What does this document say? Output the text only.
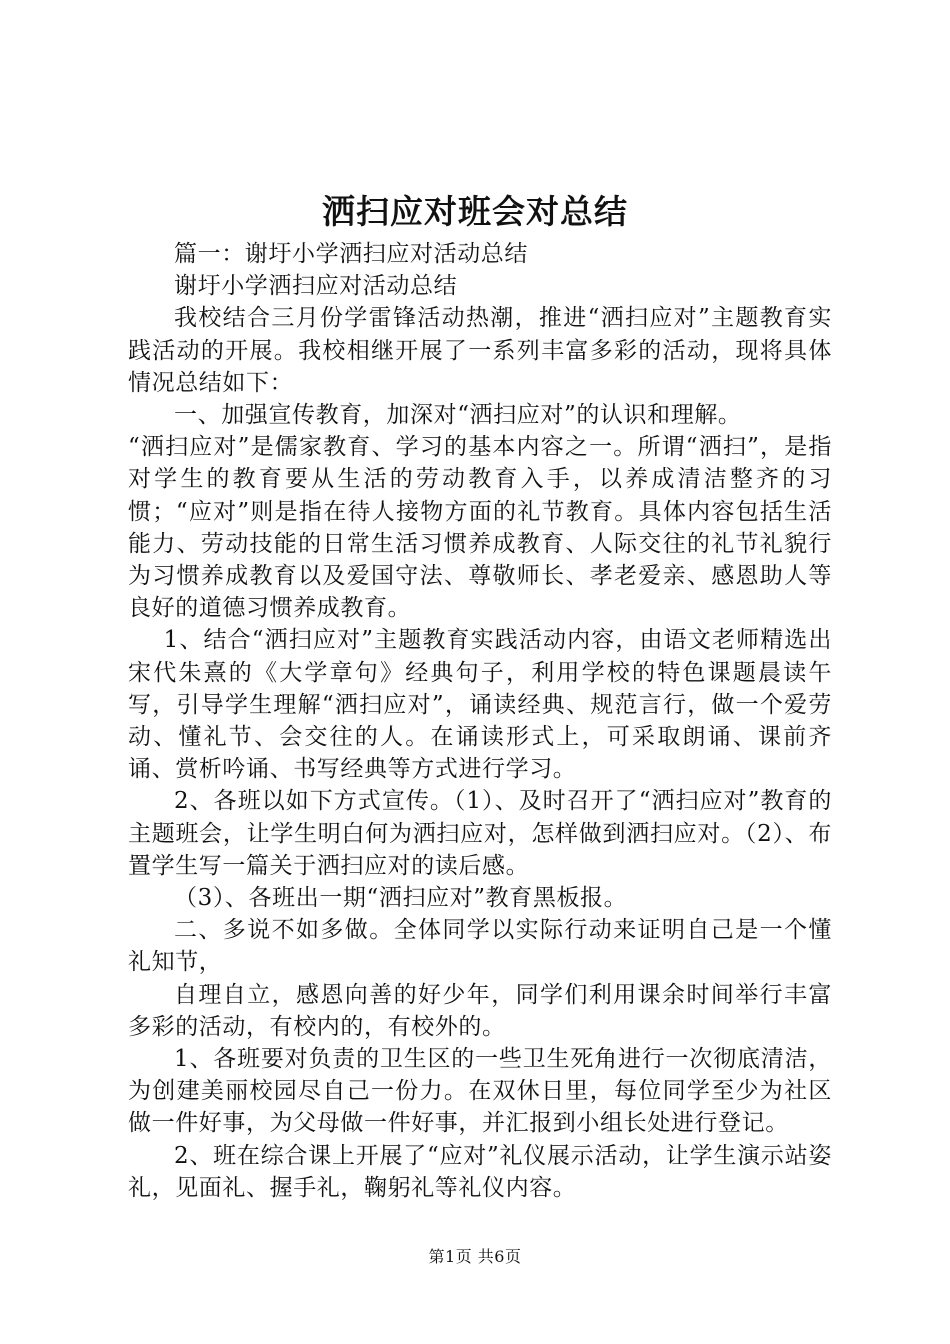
洒扫应对班会对总结

篇一：谢圩小学洒扫应对活动总结

谢圩小学洒扫应对活动总结

我校结合三月份学雷锋活动热潮，推进“洒扫应对”主题教育实践活动的开展。我校相继开展了一系列丰富多彩的活动，现将具体情况总结如下：

一、加强宣传教育，加深对“洒扫应对”的认识和理解。

“洒扫应对”是儒家教育、学习的基本内容之一。所谓“洒扫”，是指对学生的教育要从生活的劳动教育入手，以养成清洁整齐的习惯；“应对”则是指在待人接物方面的礼节教育。具体内容包括生活能力、劳动技能的日常生活习惯养成教育、人际交往的礼节礼貌行为习惯养成教育以及爱国守法、尊敬师长、孝老爱亲、感恩助人等良好的道德习惯养成教育。

1、结合“洒扫应对”主题教育实践活动内容，由语文老师精选出宋代朱熹的《大学章句》经典句子，利用学校的特色课题晨读午写，引导学生理解“洒扫应对”，诵读经典、规范言行，做一个爱劳动、懂礼节、会交往的人。在诵读形式上，可采取朗诵、课前齐诵、赏析吟诵、书写经典等方式进行学习。

2、各班以如下方式宣传。（1）、及时召开了“洒扫应对”教育的主题班会，让学生明白何为洒扫应对，怎样做到洒扫应对。（2）、布置学生写一篇关于洒扫应对的读后感。

（3）、各班出一期“洒扫应对”教育黑板报。

二、多说不如多做。全体同学以实际行动来证明自己是一个懂礼知节，

自理自立，感恩向善的好少年，同学们利用课余时间举行丰富多彩的活动，有校内的，有校外的。

1、各班要对负责的卫生区的一些卫生死角进行一次彻底清洁，为创建美丽校园尽自己一份力。在双休日里，每位同学至少为社区做一件好事，为父母做一件好事，并汇报到小组长处进行登记。

2、班在综合课上开展了“应对”礼仪展示活动，让学生演示站姿礼，见面礼、握手礼，鞠躬礼等礼仪内容。

第1页 共6页
